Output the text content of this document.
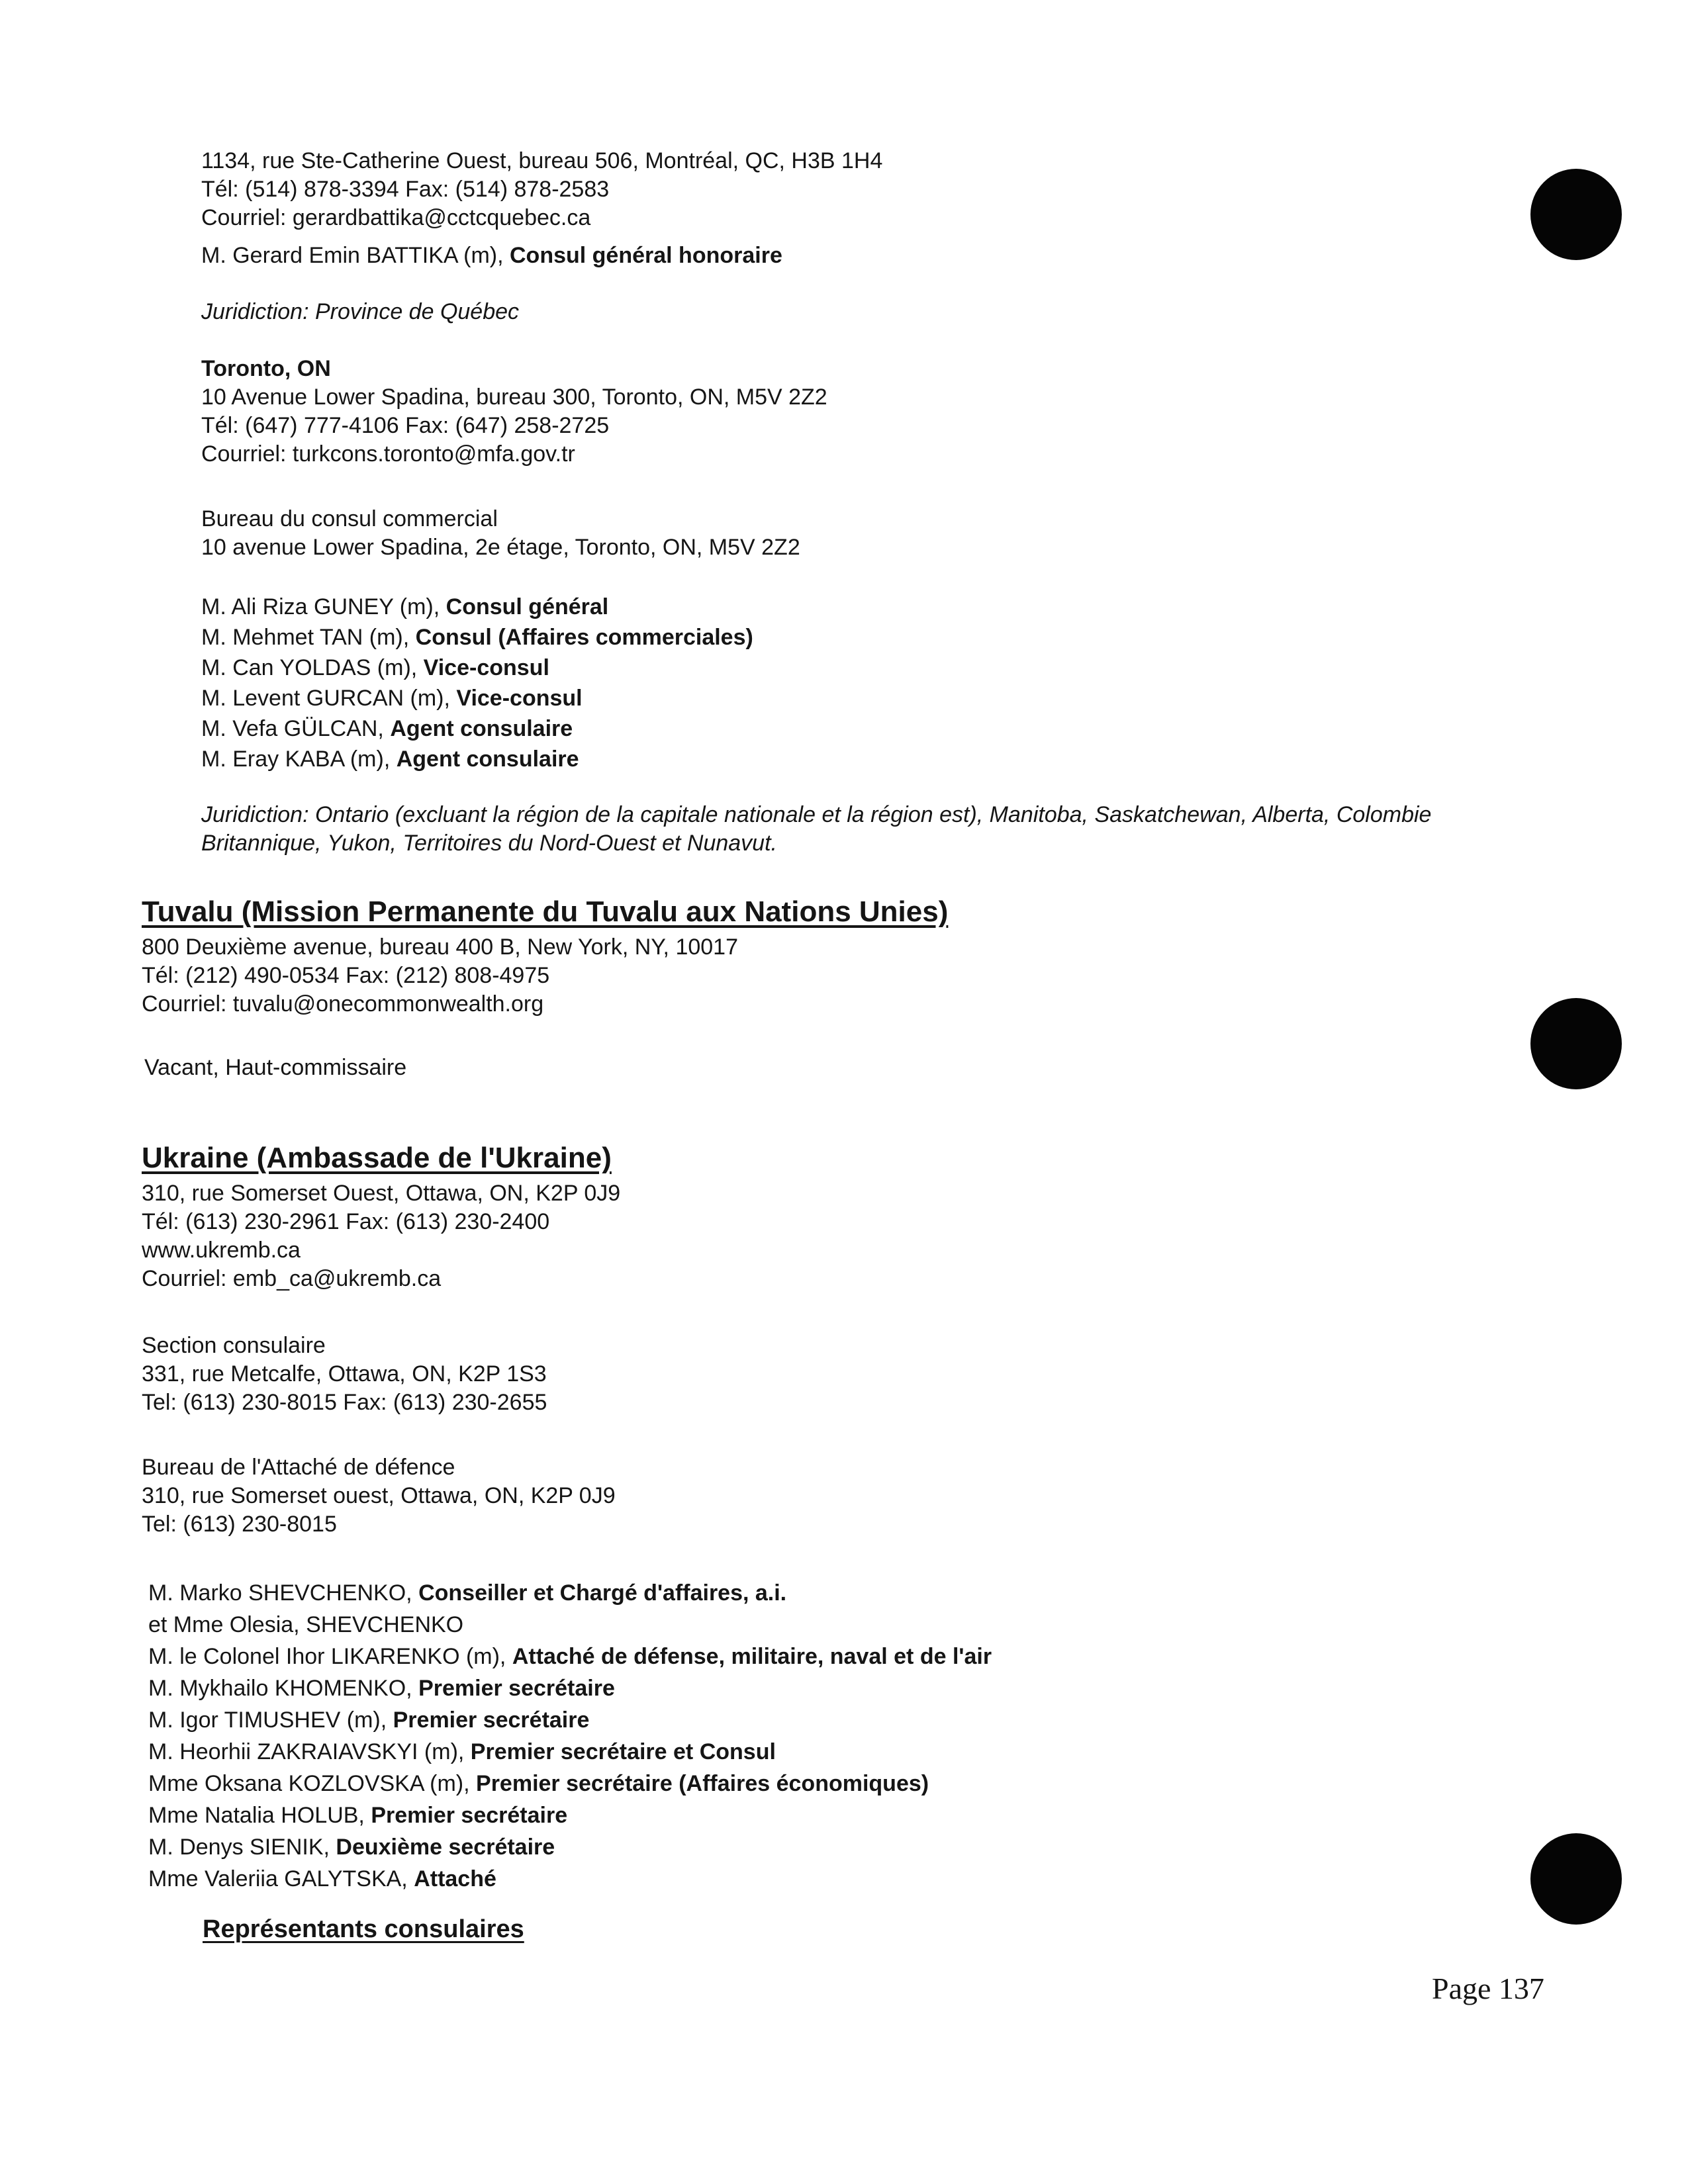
1134, rue Ste-Catherine Ouest, bureau 506, Montréal, QC, H3B 1H4
Tél: (514) 878-3394 Fax: (514) 878-2583
Courriel: gerardbattika@cctcquebec.ca
M. Gerard Emin BATTIKA (m), Consul général honoraire
Juridiction: Province de Québec
Toronto, ON
10 Avenue Lower Spadina, bureau 300, Toronto, ON, M5V 2Z2
Tél: (647) 777-4106 Fax: (647) 258-2725
Courriel: turkcons.toronto@mfa.gov.tr
Bureau du consul commercial
10 avenue Lower Spadina, 2e étage, Toronto, ON, M5V 2Z2
M. Ali Riza GUNEY (m), Consul général
M. Mehmet TAN (m), Consul (Affaires commerciales)
M. Can YOLDAS (m), Vice-consul
M. Levent GURCAN (m), Vice-consul
M. Vefa GÜLCAN, Agent consulaire
M. Eray KABA (m), Agent consulaire
Juridiction: Ontario (excluant la région de la capitale nationale et la région est), Manitoba, Saskatchewan, Alberta, Colombie Britannique, Yukon, Territoires du Nord-Ouest et Nunavut.
Tuvalu (Mission Permanente du Tuvalu aux Nations Unies)
800 Deuxième avenue, bureau 400 B, New York, NY, 10017
Tél: (212) 490-0534 Fax: (212) 808-4975
Courriel: tuvalu@onecommonwealth.org
Vacant, Haut-commissaire
Ukraine (Ambassade de l'Ukraine)
310, rue Somerset Ouest, Ottawa, ON, K2P 0J9
Tél: (613) 230-2961 Fax: (613) 230-2400
www.ukremb.ca
Courriel: emb_ca@ukremb.ca
Section consulaire
331, rue Metcalfe, Ottawa, ON, K2P 1S3
Tel: (613) 230-8015 Fax: (613) 230-2655
Bureau de l'Attaché de défence
310, rue Somerset ouest, Ottawa, ON, K2P 0J9
Tel: (613) 230-8015
M. Marko SHEVCHENKO, Conseiller et Chargé d'affaires, a.i.
et Mme Olesia, SHEVCHENKO
M. le Colonel Ihor LIKARENKO (m), Attaché de défense, militaire, naval et de l'air
M. Mykhailo KHOMENKO, Premier secrétaire
M. Igor TIMUSHEV (m), Premier secrétaire
M. Heorhii ZAKRAIAVSKYI (m), Premier secrétaire et Consul
Mme Oksana KOZLOVSKA (m), Premier secrétaire (Affaires économiques)
Mme Natalia HOLUB, Premier secrétaire
M. Denys SIENIK, Deuxième secrétaire
Mme Valeriia GALYTSKA, Attaché
Représentants consulaires
Page 137
